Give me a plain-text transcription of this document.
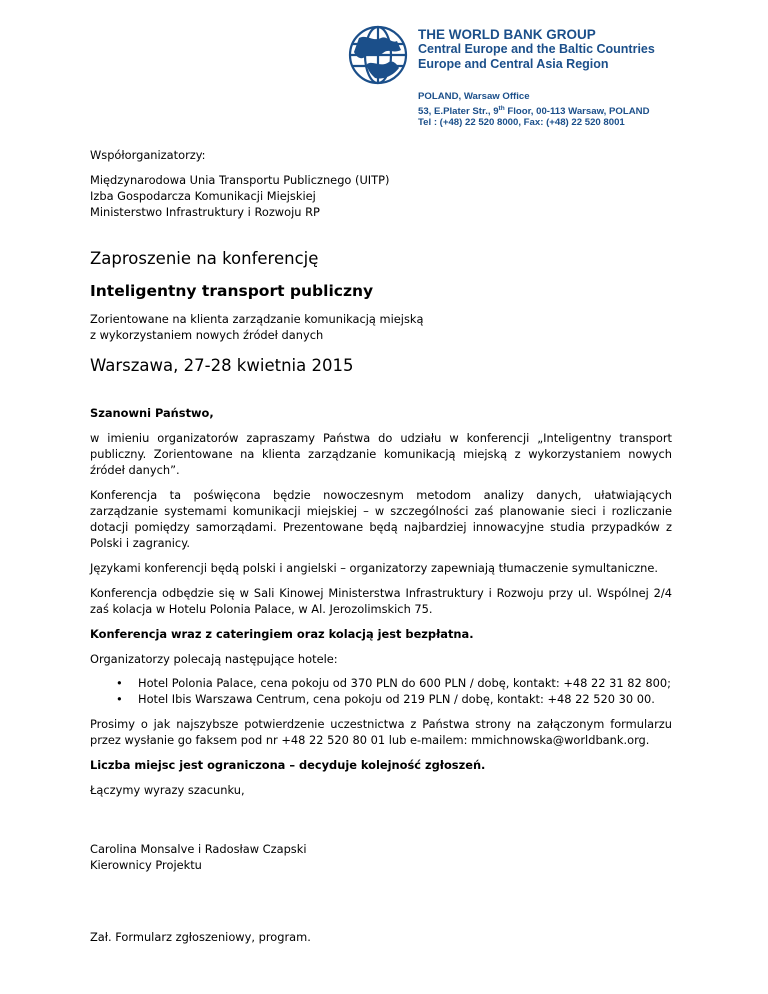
THE WORLD BANK GROUP
Central Europe and the Baltic Countries
Europe and Central Asia Region
POLAND, Warsaw Office
53, E.Plater Str., 9th Floor, 00-113 Warsaw, POLAND
Tel : (+48) 22 520 8000, Fax: (+48) 22 520 8001

Współorganizatorzy:

Międzynarodowa Unia Transportu Publicznego (UITP)

Izba Gospodarcza Komunikacji Miejskiej

Ministerstwo Infrastruktury i Rozwoju RP

Zaproszenie na konferencję

Inteligentny transport publiczny

Zorientowane na klienta zarządzanie komunikacją miejską

z wykorzystaniem nowych źródeł danych

Warszawa, 27-28 kwietnia 2015

Szanowni Państwo,

w imieniu organizatorów zapraszamy Państwa do udziału w konferencji „Inteligentny transport publiczny. Zorientowane na klienta zarządzanie komunikacją miejską z wykorzystaniem nowych źródeł danych”.

Konferencja ta poświęcona będzie nowoczesnym metodom analizy danych, ułatwiających zarządzanie systemami komunikacji miejskiej – w szczególności zaś planowanie sieci i rozliczanie dotacji pomiędzy samorządami. Prezentowane będą najbardziej innowacyjne studia przypadków z Polski i zagranicy.

Językami konferencji będą polski i angielski – organizatorzy zapewniają tłumaczenie symultaniczne.

Konferencja odbędzie się w Sali Kinowej Ministerstwa Infrastruktury i Rozwoju przy ul. Wspólnej 2/4 zaś kolacja w Hotelu Polonia Palace, w Al. Jerozolimskich 75.

Konferencja wraz z cateringiem oraz kolacją jest bezpłatna.

Organizatorzy polecają następujące hotele:

• Hotel Polonia Palace, cena pokoju od 370 PLN do 600 PLN / dobę, kontakt: +48 22 31 82 800;
• Hotel Ibis Warszawa Centrum, cena pokoju od 219 PLN / dobę, kontakt: +48 22 520 30 00.

Prosimy o jak najszybsze potwierdzenie uczestnictwa z Państwa strony na załączonym formularzu przez wysłanie go faksem pod nr +48 22 520 80 01 lub e-mailem: mmichnowska@worldbank.org.

Liczba miejsc jest ograniczona – decyduje kolejność zgłoszeń.

Łączymy wyrazy szacunku,

Carolina Monsalve i Radosław Czapski

Kierownicy Projektu

Zał. Formularz zgłoszeniowy, program.
